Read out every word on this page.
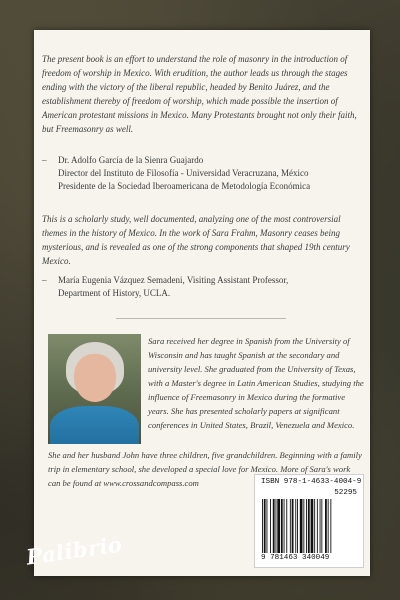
The present book is an effort to understand the role of masonry in the introduction of freedom of worship in Mexico. With erudition, the author leads us through the stages ending with the victory of the liberal republic, headed by Benito Juárez, and the establishment thereby of freedom of worship, which made possible the insertion of American protestant missions in Mexico. Many Protestants brought not only their faith, but Freemasonry as well.

– Dr. Adolfo García de la Sienra Guajardo
Director del Instituto de Filosofía - Universidad Veracruzana, México
Presidente de la Sociedad Iberoamericana de Metodología Económica

This is a scholarly study, well documented, analyzing one of the most controversial themes in the history of Mexico. In the work of Sara Frahm, Masonry ceases being mysterious, and is revealed as one of the strong components that shaped 19th century Mexico.

– María Eugenia Vázquez Semadeni, Visiting Assistant Professor,
Department of History, UCLA.

Sara received her degree in Spanish from the University of Wisconsin and has taught Spanish at the secondary and university level. She graduated from the University of Texas, with a Master's degree in Latin American Studies, studying the influence of Freemasonry in Mexico during the formative years. She has presented scholarly papers at significant conferences in United States, Brazil, Venezuela and Mexico.

She and her husband John have three children, five grandchildren. Beginning with a family trip in elementary school, she developed a special love for Mexico. More of Sara's work can be found at www.crossandcompass.com

Palibrio
ISBN 978-1-4633-4004-9
52295
9 781463 340049
